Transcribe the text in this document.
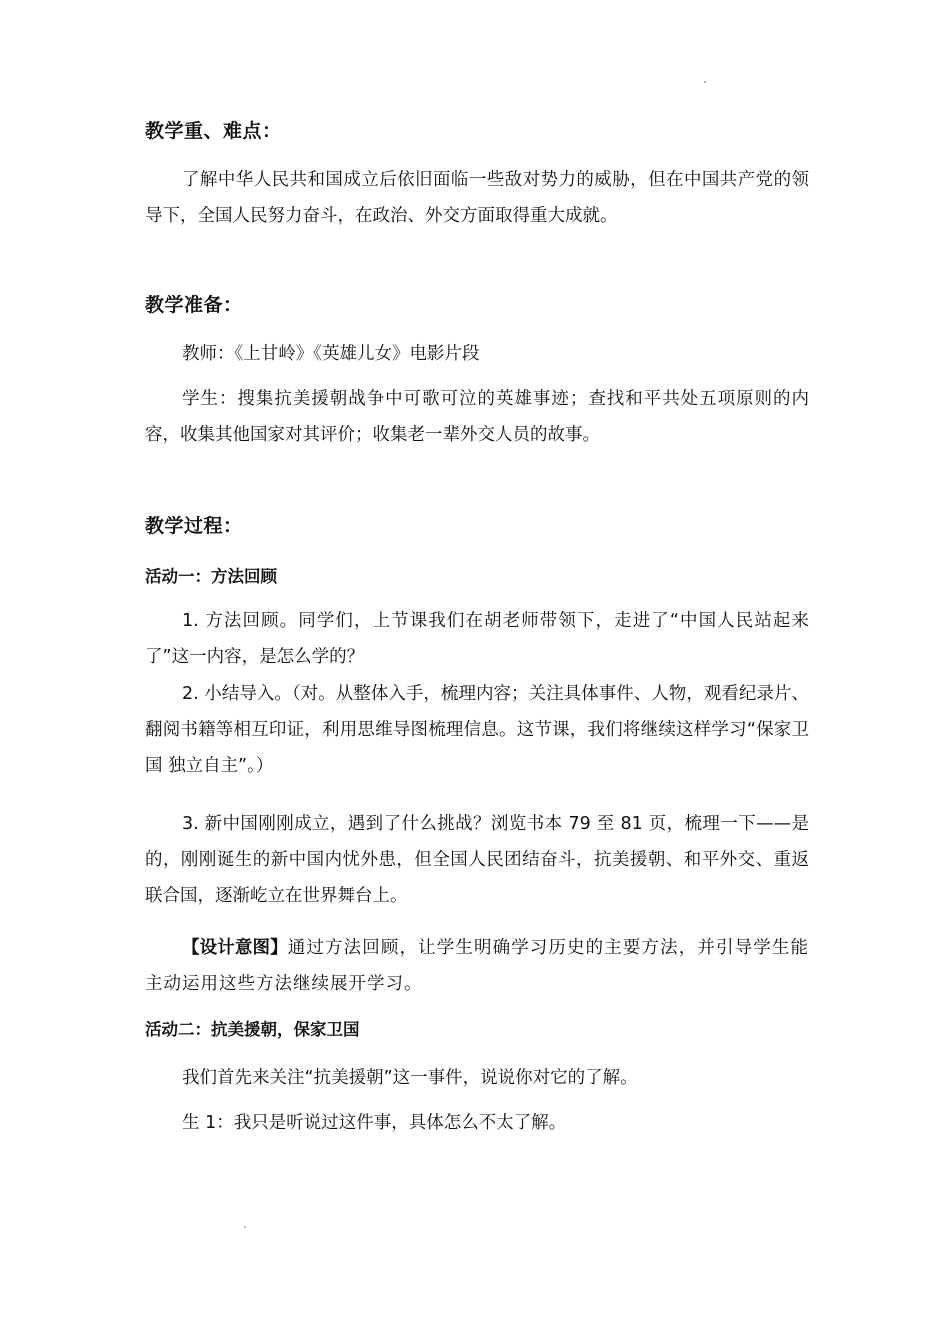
教学重、难点：

了解中华人民共和国成立后依旧面临一些敌对势力的威胁，但在中国共产党的领导下，全国人民努力奋斗，在政治、外交方面取得重大成就。

教学准备：

教师：《上甘岭》《英雄儿女》电影片段

学生：搜集抗美援朝战争中可歌可泣的英雄事迹；查找和平共处五项原则的内容，收集其他国家对其评价；收集老一辈外交人员的故事。

教学过程：
活动一：方法回顾

1. 方法回顾。同学们，上节课我们在胡老师带领下，走进了“中国人民站起来了”这一内容，是怎么学的？

2. 小结导入。（对。从整体入手，梳理内容；关注具体事件、人物，观看纪录片、翻阅书籍等相互印证，利用思维导图梳理信息。这节课，我们将继续这样学习“保家卫国 独立自主”。）

3. 新中国刚刚成立，遇到了什么挑战？浏览书本 79 至 81 页，梳理一下——是的，刚刚诞生的新中国内忧外患，但全国人民团结奋斗，抗美援朝、和平外交、重返联合国，逐渐屹立在世界舞台上。

【设计意图】通过方法回顾，让学生明确学习历史的主要方法，并引导学生能主动运用这些方法继续展开学习。

活动二：抗美援朝，保家卫国

我们首先来关注“抗美援朝”这一事件，说说你对它的了解。

生 1：我只是听说过这件事，具体怎么不太了解。
